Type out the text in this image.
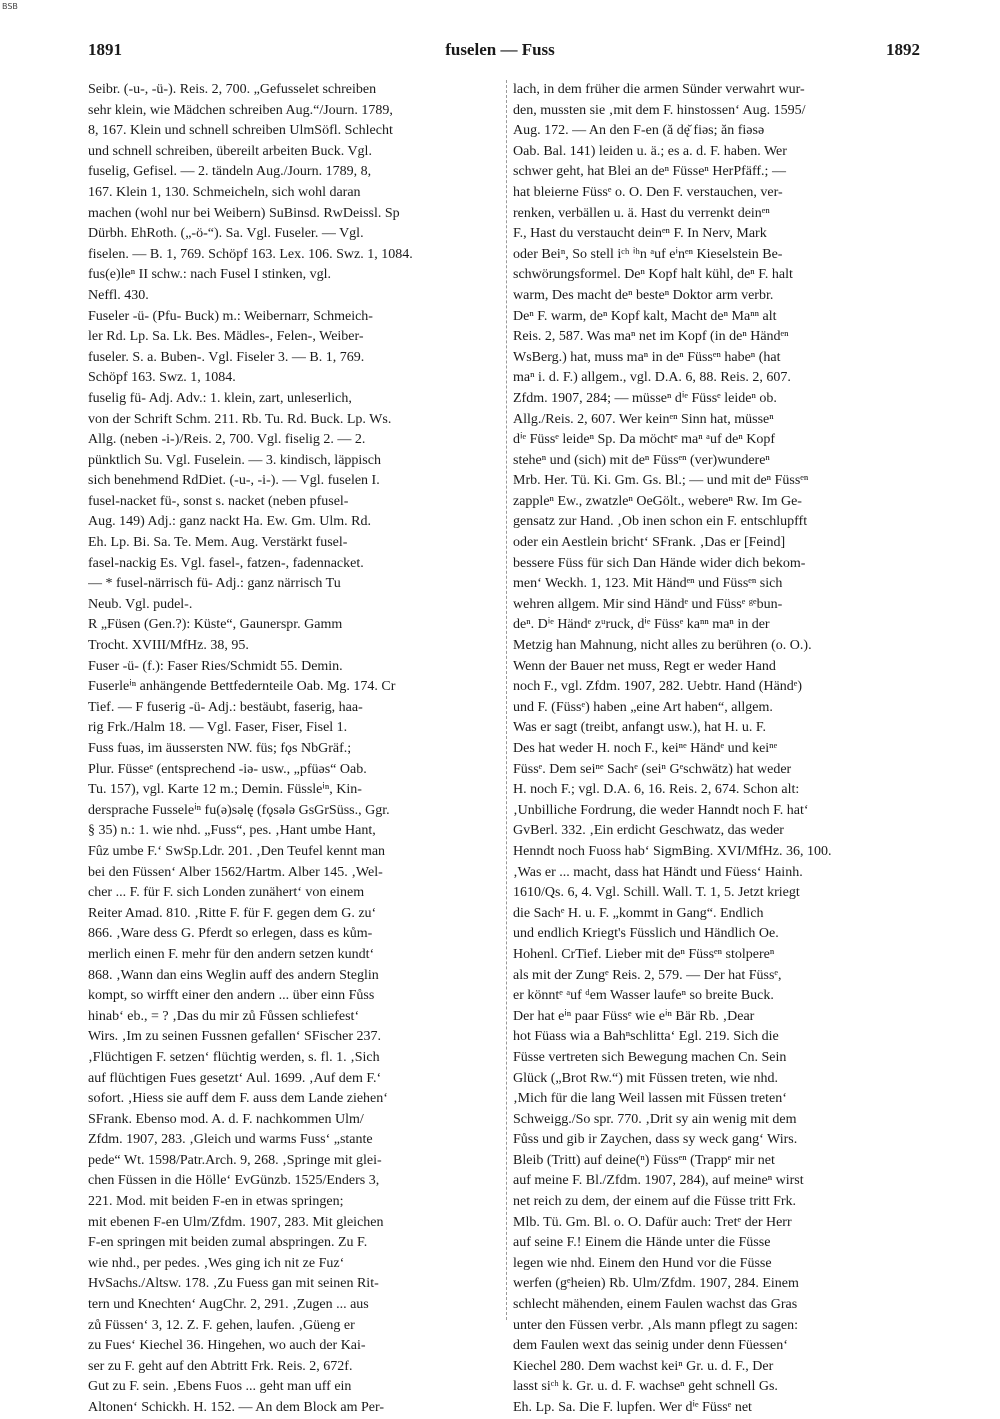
BSB
1891	fuselen — Fuss	1892
Seibr. (-u-, -ü-). Reis. 2, 700. „Gefusselet schreiben
sehr klein, wie Mädchen schreiben Aug.“/Journ. 1789,
8, 167. Klein und schnell schreiben UlmSöfl. Schlecht
und schnell schreiben, übereilt arbeiten Buck. Vgl.
fuselig, Gefisel. — 2. tändeln Aug./Journ. 1789, 8,
167. Klein 1, 130. Schmeicheln, sich wohl daran
machen (wohl nur bei Weibern) SuBinsd. RwDeissl. Sp
Dürbh. EhRoth. („-ö-“). Sa. Vgl. Fuseler. — Vgl.
fiselen. — B. 1, 769. Schöpf 163. Lex. 106. Swz. 1, 1084.
fus(e)leⁿ II schw.: nach Fusel I stinken, vgl.
Neffl. 430.
Fuseler -ü- (Pfu- Buck) m.: Weibernarr, Schmeich-
ler Rd. Lp. Sa. Lk. Bes. Mädles-, Felen-, Weiber-
fuseler. S. a. Buben-. Vgl. Fiseler 3. — B. 1, 769.
Schöpf 163. Swz. 1, 1084.
fuselig fü- Adj. Adv.: 1. klein, zart, unleserlich,
von der Schrift Schm. 211. Rb. Tu. Rd. Buck. Lp. Ws.
Allg. (neben -i-)/Reis. 2, 700. Vgl. fiselig 2. — 2.
pünktlich Su. Vgl. Fuselein. — 3. kindisch, läppisch
sich benehmend RdDiet. (-u-, -i-). — Vgl. fuselen I.
fusel-nacket fü-, sonst s. nacket (neben pfusel-
Aug. 149) Adj.: ganz nackt Ha. Ew. Gm. Ulm. Rd.
Eh. Lp. Bi. Sa. Te. Mem. Aug. Verstärkt fusel-
fasel-nackig Es. Vgl. fasel-, fatzen-, fadennacket.
— * fusel-närrisch fü- Adj.: ganz närrisch Tu
Neub. Vgl. pudel-.
R „Füsen (Gen.?): Küste“, Gaunerspr. Gamm
Trocht. XVIII/MfHz. 38, 95.
Fuser -ü- (f.): Faser Ries/Schmidt 55. Demin.
Fuserleⁱⁿ anhängende Bettfedernteile Oab. Mg. 174. Cr
Tief. — F fuserig -ü- Adj.: bestäubt, faserig, haa-
rig Frk./Halm 18. — Vgl. Faser, Fiser, Fisel 1.
Fuss fuəs, im äussersten NW. füs; fǫs NbGräf.;
Plur. Füsseᵉ (entsprechend -iə- usw., „pfüəs“ Oab.
Tu. 157), vgl. Karte 12 m.; Demin. Füssleⁱⁿ, Kin-
dersprache Fusseleⁱⁿ fu(ə)səlę (fǫsələ GsGrSüss., Ggr.
§ 35) n.: 1. wie nhd. „Fuss“, pes. ‚Hant umbe Hant,
Fûz umbe F.‘ SwSp.Ldr. 201. ‚Den Teufel kennt man
bei den Füssen‘ Alber 1562/Hartm. Alber 145. ‚Wel-
cher ... F. für F. sich Londen zunähert‘ von einem
Reiter Amad. 810. ‚Ritte F. für F. gegen dem G. zu‘
866. ‚Ware dess G. Pferdt so erlegen, dass es kům-
merlich einen F. mehr für den andern setzen kundt‘
868. ‚Wann dan eins Weglin auff des andern Steglin
kompt, so wirfft einer den andern ... über einn Fůss
hinab‘ eb., = ? ‚Das du mir zů Fůssen schliefest‘
Wirs. ‚Im zu seinen Fussnen gefallen‘ SFischer 237.
‚Flüchtigen F. setzen‘ flüchtig werden, s. fl. 1. ‚Sich
auf flüchtigen Fues gesetzt‘ Aul. 1699. ‚Auf dem F.‘
sofort. ‚Hiess sie auff dem F. auss dem Lande ziehen‘
SFrank. Ebenso mod. A. d. F. nachkommen Ulm/
Zfdm. 1907, 283. ‚Gleich und warms Fuss‘ „stante
pede“ Wt. 1598/Patr.Arch. 9, 268. ‚Springe mit glei-
chen Füssen in die Hölle‘ EvGünzb. 1525/Enders 3,
221. Mod. mit beiden F-en in etwas springen;
mit ebenen F-en Ulm/Zfdm. 1907, 283. Mit gleichen
F-en springen mit beiden zumal abspringen. Zu F.
wie nhd., per pedes. ‚Wes ging ich nit ze Fuz‘
HvSachs./Altsw. 178. ‚Zu Fuess gan mit seinen Rit-
tern und Knechten‘ AugChr. 2, 291. ‚Zugen ... aus
zů Füssen‘ 3, 12. Z. F. gehen, laufen. ‚Güeng er
zu Fues‘ Kiechel 36. Hingehen, wo auch der Kai-
ser zu F. geht auf den Abtritt Frk. Reis. 2, 672f.
Gut zu F. sein. ‚Ebens Fuos ... geht man uff ein
Altonen‘ Schickh. H. 152. — An dem Block am Per-
lach, in dem früher die armen Sünder verwahrt wur-
den, mussten sie ‚mit dem F. hinstossen‘ Aug. 1595/
Aug. 172. — An den F-en (ă dę̆ fiəs; ăn fiəsə
Oab. Bal. 141) leiden u. ä.; es a. d. F. haben. Wer
schwer geht, hat Blei an deⁿ Füsseⁿ HerPfäff.; —
hat bleierne Füssᵉ o. O. Den F. verstauchen, ver-
renken, verbällen u. ä. Hast du verrenkt deinᵉⁿ
F., Hast du verstaucht deinᵉⁿ F. In Nerv, Mark
oder Beiⁿ, So stell iᶜʰ ⁱʰn ᵃuf eⁱnᵉⁿ Kieselstein Be-
schwörungsformel. Deⁿ Kopf halt kühl, deⁿ F. halt
warm, Des macht deⁿ besteⁿ Doktor arm verbr.
Deⁿ F. warm, deⁿ Kopf kalt, Macht deⁿ Maⁿⁿ alt
Reis. 2, 587. Was maⁿ net im Kopf (in deⁿ Händᵉⁿ
WsBerg.) hat, muss maⁿ in deⁿ Füssᵉⁿ habeⁿ (hat
maⁿ i. d. F.) allgem., vgl. D.A. 6, 88. Reis. 2, 607.
Zfdm. 1907, 284; — müsseⁿ dⁱᵉ Füssᵉ leideⁿ ob.
Allg./Reis. 2, 607. Wer keinᵉⁿ Sinn hat, müsseⁿ
dⁱᵉ Füssᵉ leideⁿ Sp. Da möchtᵉ maⁿ ᵃuf deⁿ Kopf
steheⁿ und (sich) mit deⁿ Füssᵉⁿ (ver)wundereⁿ
Mrb. Her. Tü. Ki. Gm. Gs. Bl.; — und mit deⁿ Füssᵉⁿ
zappleⁿ Ew., zwatzleⁿ OeGölt., webereⁿ Rw. Im Ge-
gensatz zur Hand. ‚Ob inen schon ein F. entschlupfft
oder ein Aestlein bricht‘ SFrank. ‚Das er [Feind]
bessere Füss für sich Dan Hände wider dich bekom-
men‘ Weckh. 1, 123. Mit Händᵉⁿ und Füssᵉⁿ sich
wehren allgem. Mir sind Händᵉ und Füssᵉ ᵍᵉbun-
deⁿ. Dⁱᵉ Händᵉ zᵘruck, dⁱᵉ Füssᵉ kaⁿⁿ maⁿ in der
Metzig han Mahnung, nicht alles zu berühren (o. O.).
Wenn der Bauer net muss, Regt er weder Hand
noch F., vgl. Zfdm. 1907, 282. Uebtr. Hand (Händᵉ)
und F. (Füssᵉ) haben „eine Art haben“, allgem.
Was er sagt (treibt, anfangt usw.), hat H. u. F.
Des hat weder H. noch F., keiⁿᵉ Händᵉ und keiⁿᵉ
Füssᵉ. Dem seiⁿᵉ Sachᵉ (seiⁿ Gᵉschwätz) hat weder
H. noch F.; vgl. D.A. 6, 16. Reis. 2, 674. Schon alt:
‚Unbilliche Fordrung, die weder Hanndt noch F. hat‘
GvBerl. 332. ‚Ein erdicht Geschwatz, das weder
Henndt noch Fuoss hab‘ SigmBing. XVI/MfHz. 36, 100.
‚Was er ... macht, dass hat Händt und Füess‘ Hainh.
1610/Qs. 6, 4. Vgl. Schill. Wall. T. 1, 5. Jetzt kriegt
die Sachᵉ H. u. F. „kommt in Gang“. Endlich
und endlich Kriegt's Füsslich und Händlich Oe.
Hohenl. CrTief. Lieber mit deⁿ Füssᵉⁿ stolpereⁿ
als mit der Zungᵉ Reis. 2, 579. — Der hat Füssᵉ,
er könntᵉ ᵃuf ᵈem Wasser laufeⁿ so breite Buck.
Der hat eⁱⁿ paar Füssᵉ wie eⁱⁿ Bär Rb. ‚Dear
hot Füass wia a Bahⁿschlitta‘ Egl. 219. Sich die
Füsse vertreten sich Bewegung machen Cn. Sein
Glück („Brot Rw.“) mit Füssen treten, wie nhd.
‚Mich für die lang Weil lassen mit Füssen treten‘
Schweigg./So spr. 770. ‚Drit sy ain wenig mit dem
Fůss und gib ir Zaychen, dass sy weck gang‘ Wirs.
Bleib (Tritt) auf deine(ⁿ) Füssᵉⁿ (Trappᵉ mir net
auf meine F. Bl./Zfdm. 1907, 284), auf meineⁿ wirst
net reich zu dem, der einem auf die Füsse tritt Frk.
Mlb. Tü. Gm. Bl. o. O. Dafür auch: Tretᵉ der Herr
auf seine F.! Einem die Hände unter die Füsse
legen wie nhd. Einem den Hund vor die Füsse
werfen (gᵉheien) Rb. Ulm/Zfdm. 1907, 284. Einem
schlecht mähenden, einem Faulen wachst das Gras
unter den Füssen verbr. ‚Als mann pflegt zu sagen:
dem Faulen wext das seinig under denn Füessen‘
Kiechel 280. Dem wachst keiⁿ Gr. u. d. F., Der
lasst siᶜʰ k. Gr. u. d. F. wachseⁿ geht schnell Gs.
Eh. Lp. Sa. Die F. lupfen. Wer dⁱᵉ Füssᵉ net
